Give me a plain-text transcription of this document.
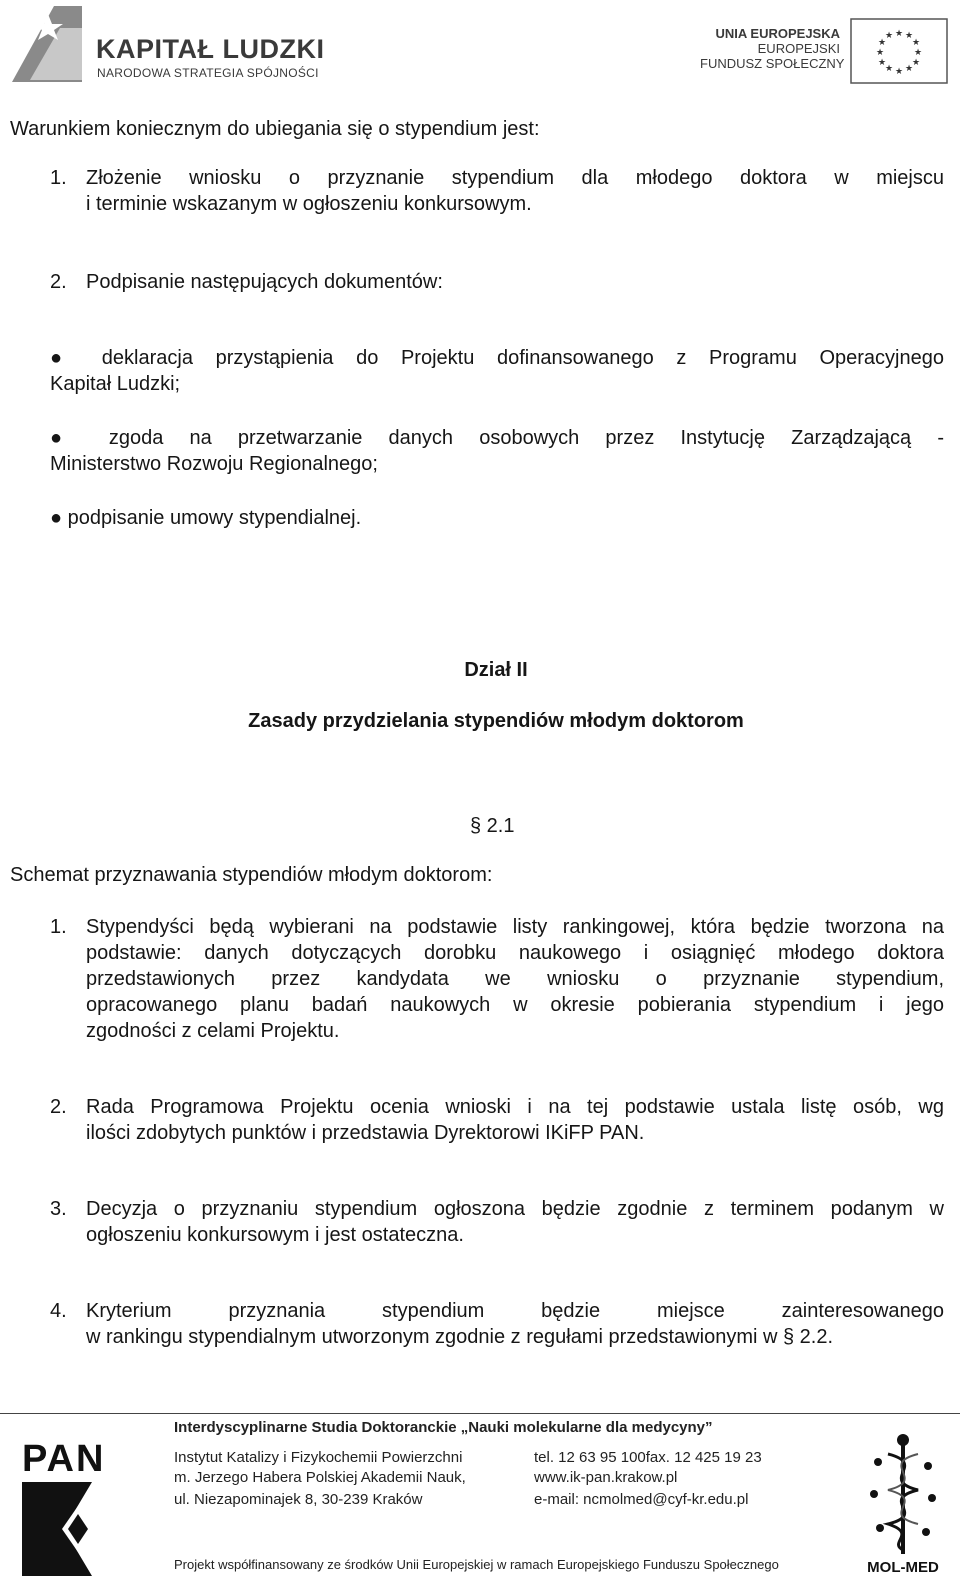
KAPITAŁ LUDZKI
NARODOWA STRATEGIA SPÓJNOŚCI
UNIA EUROPEJSKA
EUROPEJSKI
FUNDUSZ SPOŁECZNY
★ ★
★
★
★
★
★
★
★
★
★
★
Warunkiem koniecznym do ubiegania się o stypendium jest:
1. Złożenie wniosku o przyznanie stypendium dla młodego doktora w miejscu
i terminie wskazanym w ogłoszeniu konkursowym.
2. Podpisanie następujących dokumentów:
● deklaracja przystąpienia do Projektu dofinansowanego z Programu Operacyjnego
Kapitał Ludzki;
● zgoda na przetwarzanie danych osobowych przez Instytucję Zarządzającą -
Ministerstwo Rozwoju Regionalnego;
● podpisanie umowy stypendialnej.
Dział II
Zasady przydzielania stypendiów młodym doktorom
§ 2.1
Schemat przyznawania stypendiów młodym doktorom:
1. Stypendyści będą wybierani na podstawie listy rankingowej, która będzie tworzona na
podstawie: danych dotyczących dorobku naukowego i osiągnięć młodego doktora
przedstawionych przez kandydata we wniosku o przyznanie stypendium,
opracowanego planu badań naukowych w okresie pobierania stypendium i jego
zgodności z celami Projektu.
2. Rada Programowa Projektu ocenia wnioski i na tej podstawie ustala listę osób, wg
ilości zdobytych punktów i przedstawia Dyrektorowi IKiFP PAN.
3. Decyzja o przyznaniu stypendium ogłoszona będzie zgodnie z terminem podanym w
ogłoszeniu konkursowym i jest ostateczna.
4. Kryterium przyznania stypendium będzie miejsce zainteresowanego
w rankingu stypendialnym utworzonym zgodnie z regułami przedstawionymi w § 2.2.
Interdyscyplinarne Studia Doktoranckie „Nauki molekularne dla medycyny”
Instytut Katalizy i Fizykochemii Powierzchni
m. Jerzego Habera Polskiej Akademii Nauk,
ul. Niezapominajek 8, 30-239 Kraków
tel. 12 63 95 100fax. 12 425 19 23
www.ik-pan.krakow.pl
e-mail: ncmolmed@cyf-kr.edu.pl
PAN
MOL-MED
Projekt współfinansowany ze środków Unii Europejskiej w ramach Europejskiego Funduszu Społecznego
